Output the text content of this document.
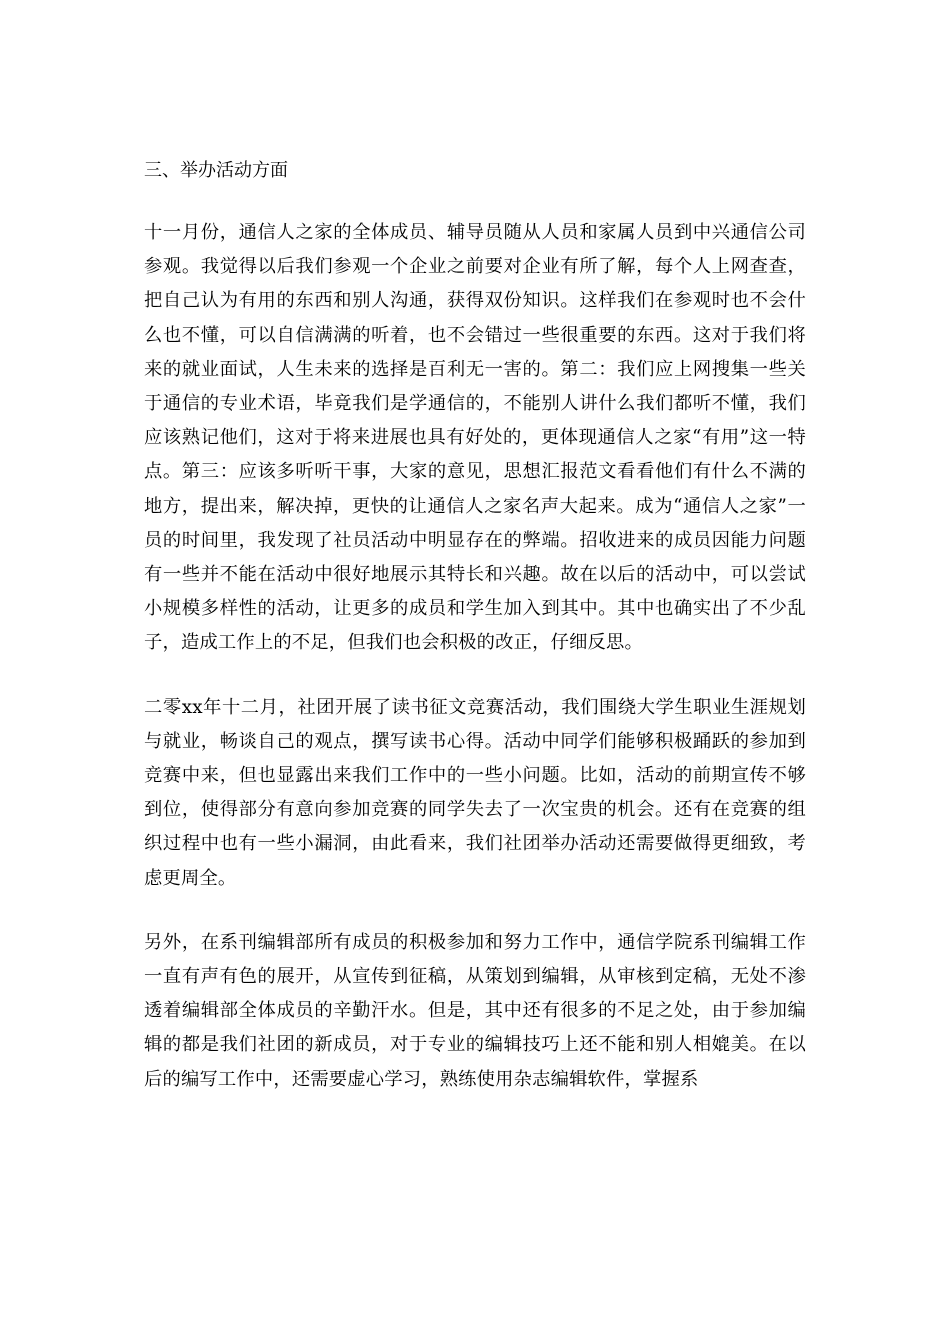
三、举办活动方面

十一月份，通信人之家的全体成员、辅导员随从人员和家属人员到中兴通信公司参观。我觉得以后我们参观一个企业之前要对企业有所了解，每个人上网查查，把自己认为有用的东西和别人沟通，获得双份知识。这样我们在参观时也不会什么也不懂，可以自信满满的听着，也不会错过一些很重要的东西。这对于我们将来的就业面试，人生未来的选择是百利无一害的。第二：我们应上网搜集一些关于通信的专业术语，毕竟我们是学通信的，不能别人讲什么我们都听不懂，我们应该熟记他们，这对于将来进展也具有好处的，更体现通信人之家“有用”这一特点。第三：应该多听听干事，大家的意见，思想汇报范文看看他们有什么不满的地方，提出来，解决掉，更快的让通信人之家名声大起来。成为“通信人之家”一员的时间里，我发现了社员活动中明显存在的弊端。招收进来的成员因能力问题有一些并不能在活动中很好地展示其特长和兴趣。故在以后的活动中，可以尝试小规模多样性的活动，让更多的成员和学生加入到其中。其中也确实出了不少乱子，造成工作上的不足，但我们也会积极的改正，仔细反思。

二零xx年十二月，社团开展了读书征文竞赛活动，我们围绕大学生职业生涯规划与就业，畅谈自己的观点，撰写读书心得。活动中同学们能够积极踊跃的参加到竞赛中来，但也显露出来我们工作中的一些小问题。比如，活动的前期宣传不够到位，使得部分有意向参加竞赛的同学失去了一次宝贵的机会。还有在竞赛的组织过程中也有一些小漏洞，由此看来，我们社团举办活动还需要做得更细致，考虑更周全。

另外，在系刊编辑部所有成员的积极参加和努力工作中，通信学院系刊编辑工作一直有声有色的展开，从宣传到征稿，从策划到编辑，从审核到定稿，无处不渗透着编辑部全体成员的辛勤汗水。但是，其中还有很多的不足之处，由于参加编辑的都是我们社团的新成员，对于专业的编辑技巧上还不能和别人相媲美。在以后的编写工作中，还需要虚心学习，熟练使用杂志编辑软件，掌握系
